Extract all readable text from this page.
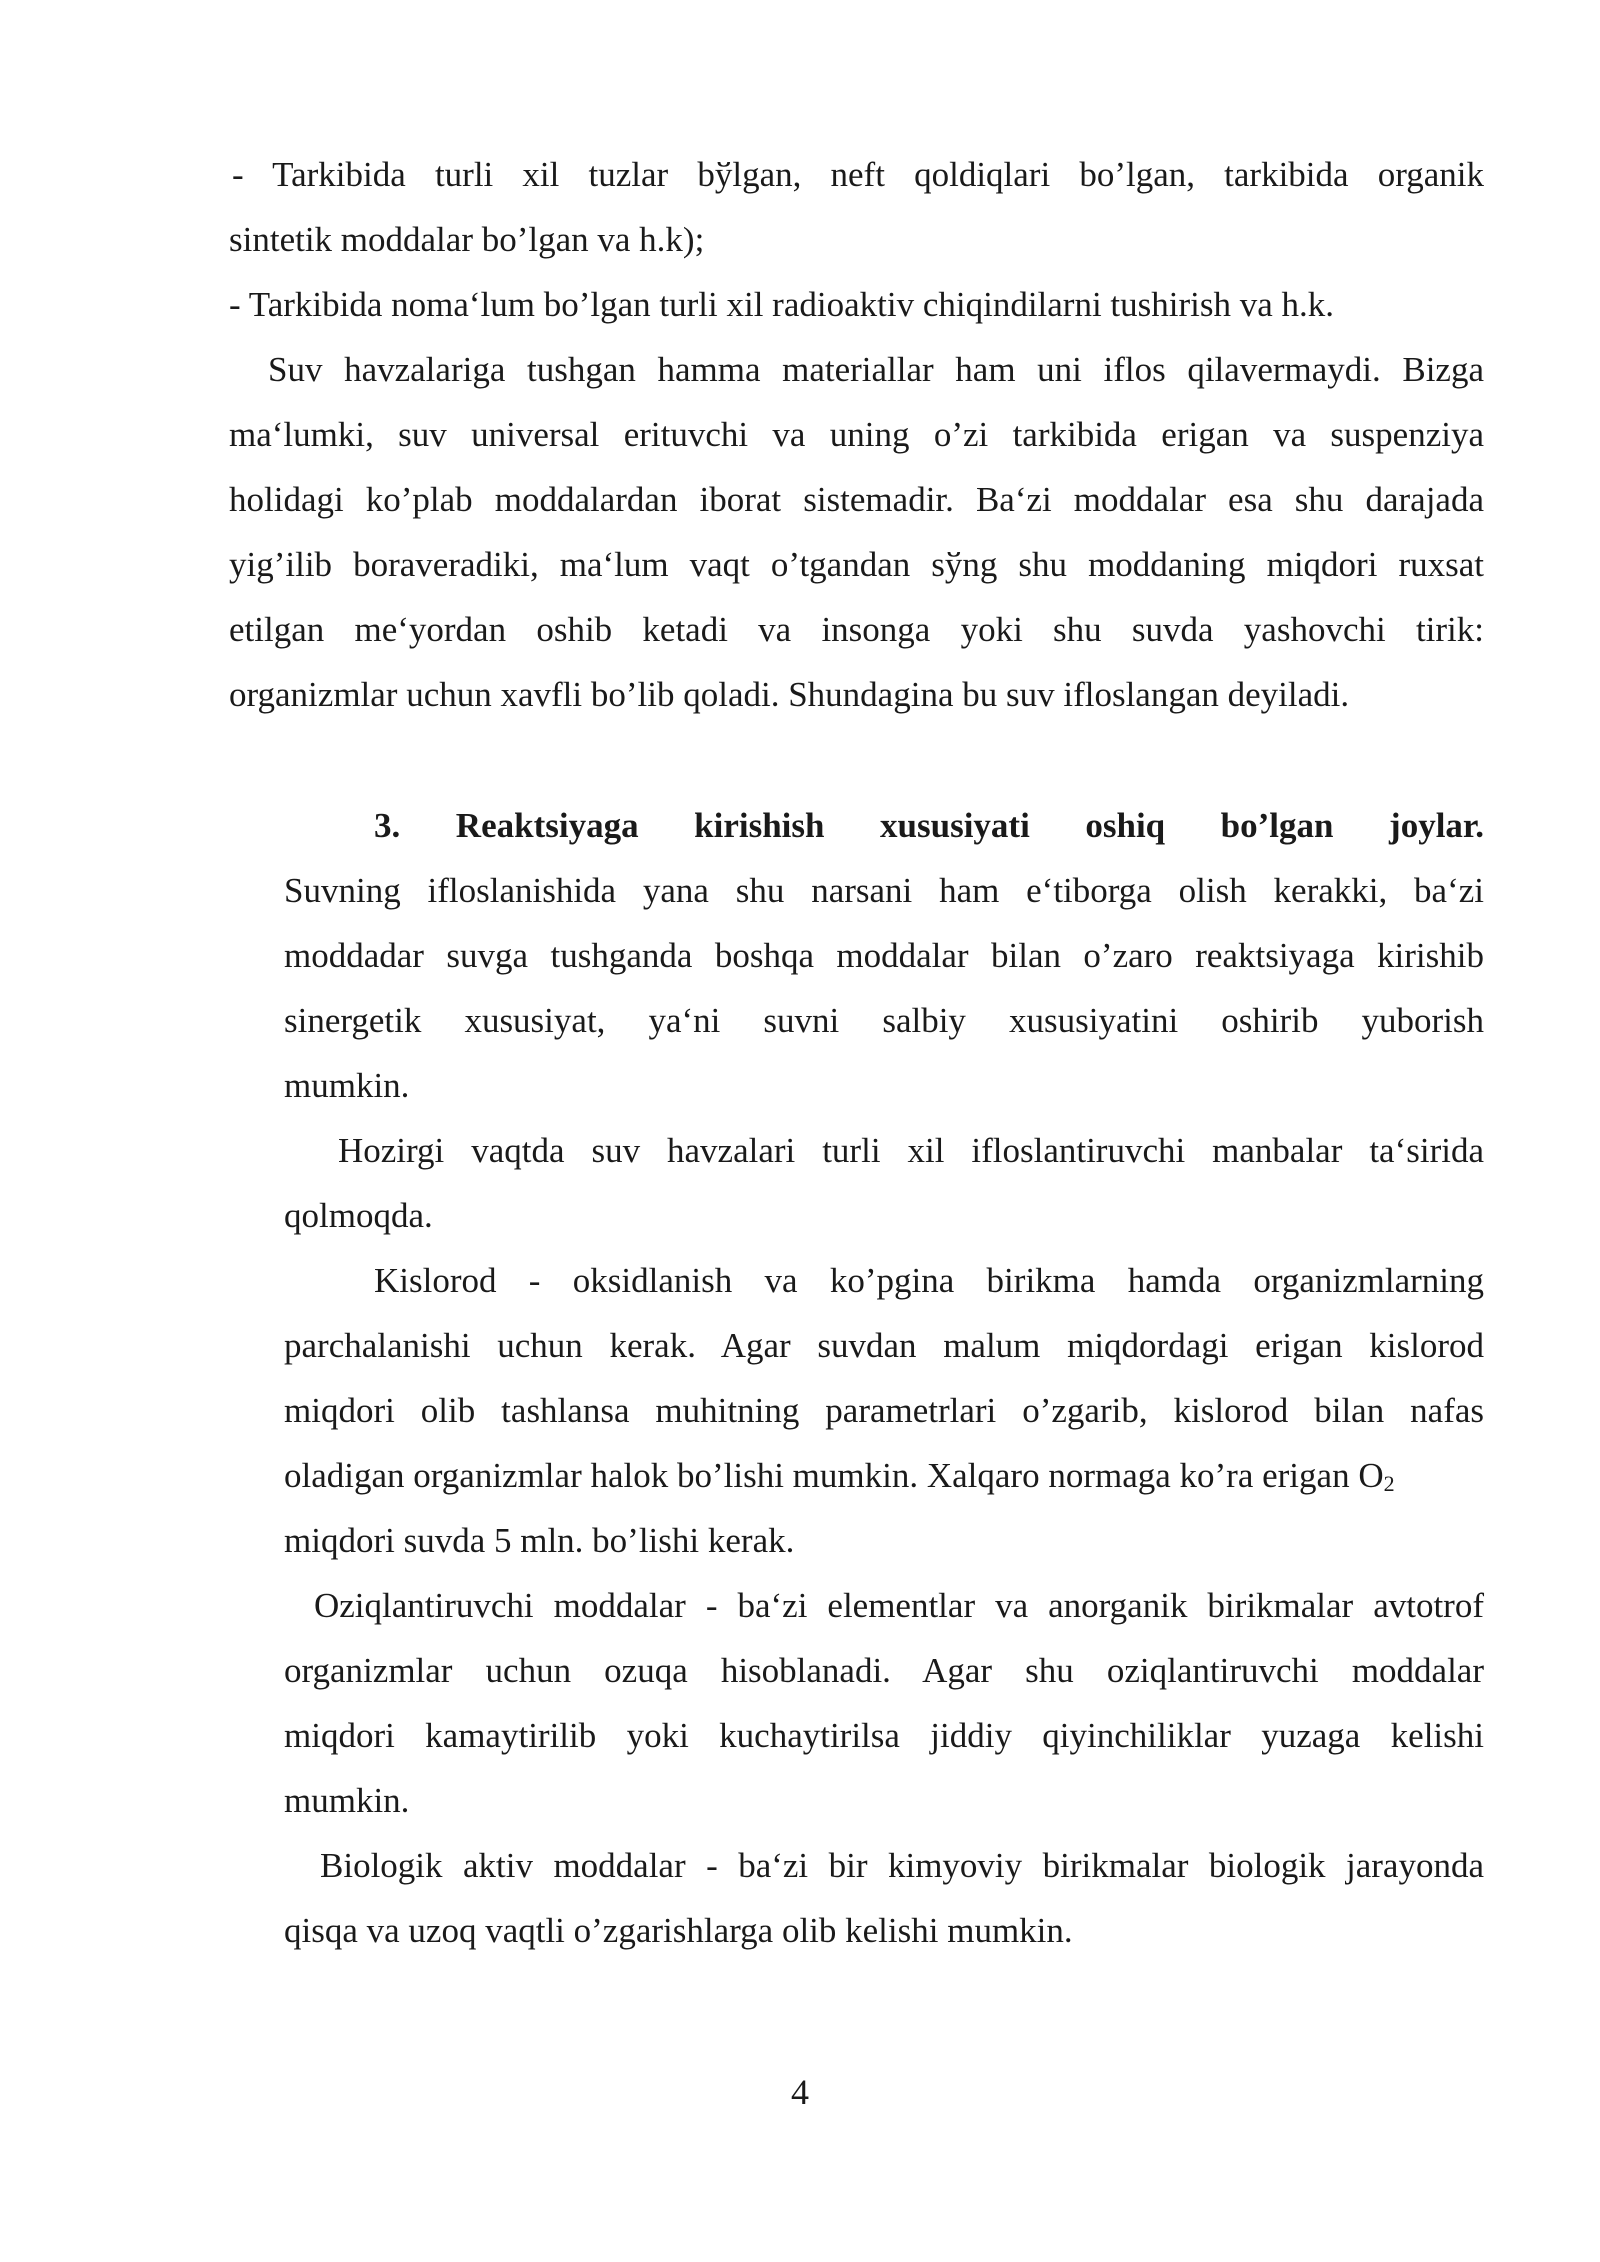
- Tarkibida turli xil tuzlar bўlgan, neft qoldiqlari bo’lgan, tarkibida organik
sintetik moddalar bo’lgan va h.k);
- Tarkibida noma‘lum bo’lgan turli xil radioaktiv chiqindilarni tushirish va h.k.
Suv havzalariga tushgan hamma materiallar ham uni iflos qilavermaydi. Bizga
ma‘lumki, suv universal erituvchi va uning o’zi tarkibida erigan va suspenziya
holidagi ko’plab moddalardan iborat sistemadir. Ba‘zi moddalar esa shu darajada
yig’ilib boraveradiki, ma‘lum vaqt o’tgandan sўng shu moddaning miqdori ruxsat
etilgan me‘yordan oshib ketadi va insonga yoki shu suvda yashovchi tirik:
organizmlar uchun xavfli bo’lib qoladi. Shundagina bu suv ifloslangan deyiladi.
3. Reaktsiyaga kirishish xususiyati oshiq bo’lgan joylar.
Suvning ifloslanishida yana shu narsani ham e‘tiborga olish kerakki, ba‘zi
moddadar suvga tushganda boshqa moddalar bilan o’zaro reaktsiyaga kirishib
sinergetik xususiyat, ya‘ni suvni salbiy xususiyatini oshirib yuborish
mumkin.
Hozirgi vaqtda suv havzalari turli xil ifloslantiruvchi manbalar ta‘sirida
qolmoqda.
Kislorod - oksidlanish va ko’pgina birikma hamda organizmlarning
parchalanishi uchun kerak. Agar suvdan malum miqdordagi erigan kislorod
miqdori olib tashlansa muhitning parametrlari o’zgarib, kislorod bilan nafas
oladigan organizmlar halok bo’lishi mumkin. Xalqaro normaga ko’ra erigan $O_2$
miqdori suvda 5 mln. bo’lishi kerak.
Oziqlantiruvchi moddalar - ba‘zi elementlar va anorganik birikmalar avtotrof
organizmlar uchun ozuqa hisoblanadi. Agar shu oziqlantiruvchi moddalar
miqdori kamaytirilib yoki kuchaytirilsa jiddiy qiyinchiliklar yuzaga kelishi
mumkin.
Biologik aktiv moddalar - ba‘zi bir kimyoviy birikmalar biologik jarayonda
qisqa va uzoq vaqtli o’zgarishlarga olib kelishi mumkin.
4
